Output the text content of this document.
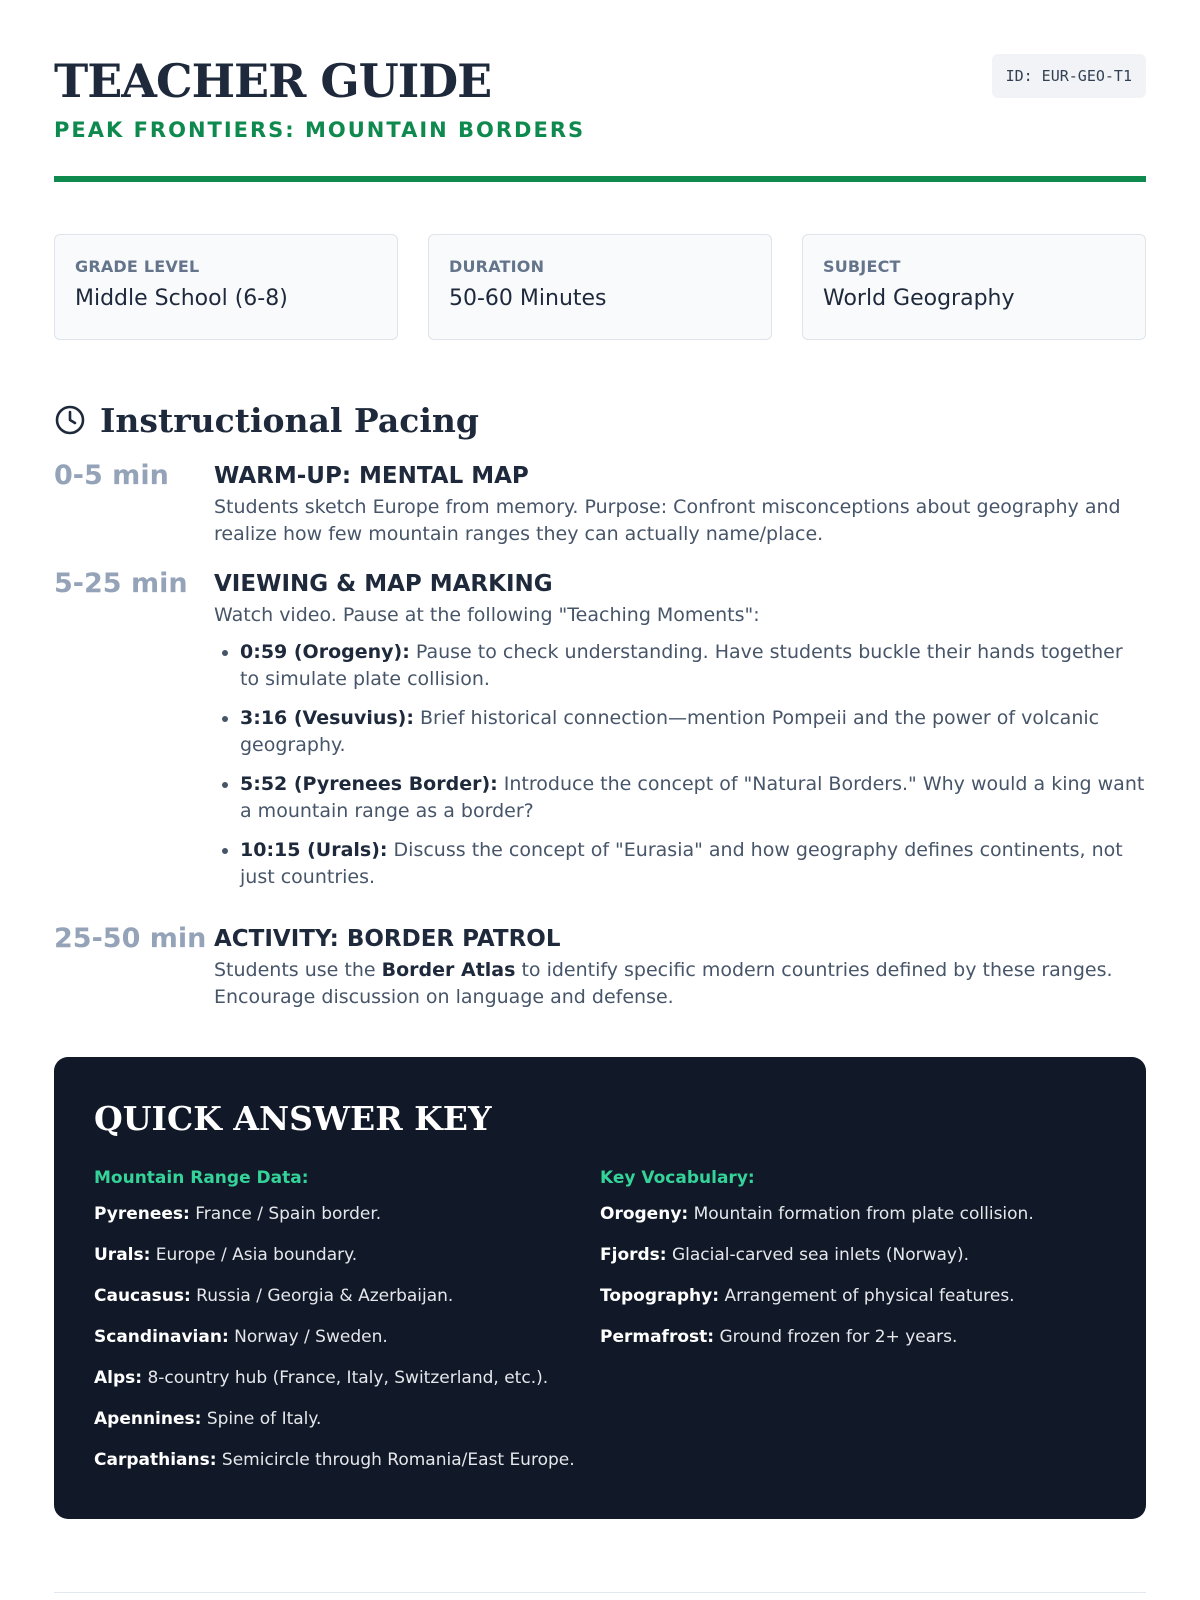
TEACHER GUIDE

PEAK FRONTIERS: MOUNTAIN BORDERS

ID: EUR-GEO-T1

GRADE LEVEL

Middle School (6-8)

DURATION

50-60 Minutes

SUBJECT

World Geography

Instructional Pacing
0-5 min	WARM-UP: MENTAL MAP

Students sketch Europe from memory. Purpose: Confront misconceptions about geography and realize how few mountain ranges they can actually name/place.

5-25 min	VIEWING & MAP MARKING

Watch video. Pause at the following "Teaching Moments":

• 0:59 (Orogeny): Pause to check understanding. Have students buckle their hands together to simulate plate collision.
• 3:16 (Vesuvius): Brief historical connection—mention Pompeii and the power of volcanic geography.
• 5:52 (Pyrenees Border): Introduce the concept of "Natural Borders." Why would a king want a mountain range as a border?
• 10:15 (Urals): Discuss the concept of "Eurasia" and how geography defines continents, not just countries.
25-50 min ACTIVITY: BORDER PATROL

Students use the Border Atlas to identify specific modern countries defined by these ranges. Encourage discussion on language and defense.

QUICK ANSWER KEY

Mountain Range Data:

Pyrenees: France / Spain border.

Urals: Europe / Asia boundary.

Caucasus: Russia / Georgia & Azerbaijan.

Scandinavian: Norway / Sweden.

Alps: 8-country hub (France, Italy, Switzerland, etc.).

Apennines: Spine of Italy.

Carpathians: Semicircle through Romania/East Europe.

Key Vocabulary:

Orogeny: Mountain formation from plate collision.

Fjords: Glacial-carved sea inlets (Norway).

Topography: Arrangement of physical features.

Permafrost: Ground frozen for 2+ years.
